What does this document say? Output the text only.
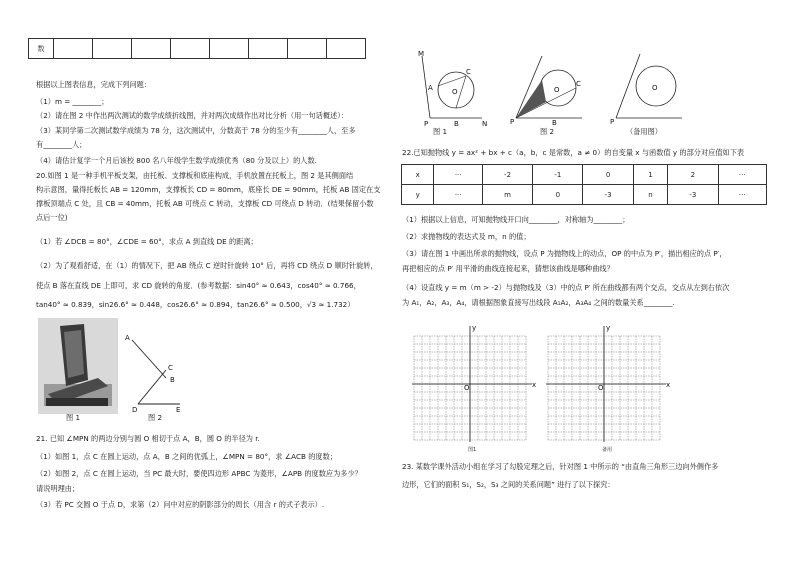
数								
根据以上图表信息，完成下列问题：
（1）m = ________；
（2）请在图 2 中作出两次测试的数学成绩折线图，并对两次成绩作出对比分析（用一句话概述）：
（3）某同学第二次测试数学成绩为 78 分，这次测试中，分数高于 78 分的至少有________人，至多
有________人；
（4）请估计复学一个月后该校 800 名八年级学生数学成绩优秀（80 分及以上）的人数.
20.如图 1 是一种手机平板支架，由托板、支撑板和底座构成，手机放置在托板上，图 2 是其侧面结
构示意图，量得托板长 AB = 120mm，支撑板长 CD = 80mm，底座长 DE = 90mm，托板 AB 固定在支
撑板顶端点 C 处，且 CB = 40mm，托板 AB 可绕点 C 转动，支撑板 CD 可绕点 D 转动．(结果保留小数
点后一位)
（1）若 ∠DCB = 80°，∠CDE = 60°，求点 A 到直线 DE 的距离；
（2）为了观看舒适，在（1）的情况下，把 AB 绕点 C 逆时针旋转 10° 后，再将 CD 绕点 D 顺时针旋转，
使点 B 落在直线 DE 上即可，求 CD 旋转的角度．(参考数据：sin40° ≈ 0.643，cos40° ≈ 0.766，
tan40° ≈ 0.839，sin26.6° ≈ 0.448，cos26.6° ≈ 0.894，tan26.6° ≈ 0.500，√3 ≈ 1.732）
图 1
A
C
B
D	E
图 2
21. 已知 ∠MPN 的两边分别与圆 O 相切于点 A，B，圆 O 的半径为 r.
（1）如图 1，点 C 在圆上运动，点 A，B 之间的优弧上，∠MPN = 80°，求 ∠ACB 的度数；
（2）如图 2，点 C 在圆上运动，当 PC 最大时，要使四边形 APBC 为菱形，∠APB 的度数应为多少？
请说明理由；
（3）若 PC 交圆 O 于点 D，求第（2）问中对应的阴影部分的周长（用含 r 的式子表示）.
M
A	O
C
P	B	N
图 1
O
C
P	B
图 2
O
P
（备用图）
22.已知抛物线 y = ax² + bx + c（a，b，c 是常数，a ≠ 0）的自变量 x 与函数值 y 的部分对应值如下表
x	···	-2	-1	0	1	2	···
y	···	m	0	-3	n	-3	···
（1）根据以上信息，可知抛物线开口向________，对称轴为________；
（2）求抛物线的表达式及 m，n 的值；
（3）请在图 1 中画出所求的抛物线，设点 P 为抛物线上的动点，OP 的中点为 P′，描出相应的点 P′，
再把相应的点 P′ 用平滑的曲线连接起来，猜想该曲线是哪种曲线？
（4）设直线 y = m（m > -2）与抛物线及（3）中的点 P′ 所在曲线都有两个交点，交点从左到右依次
为 A₁，A₂，A₃，A₄，请根据图象直接写出线段 A₁A₂，A₃A₄ 之间的数量关系________.
x
y
O
图1
x
y
O
备用
23. 某数学课外活动小组在学习了勾股定理之后，针对图 1 中所示的 “由直角三角形三边向外侧作多
边形，它们的面积 S₁，S₂，S₃ 之间的关系问题” 进行了以下探究：
